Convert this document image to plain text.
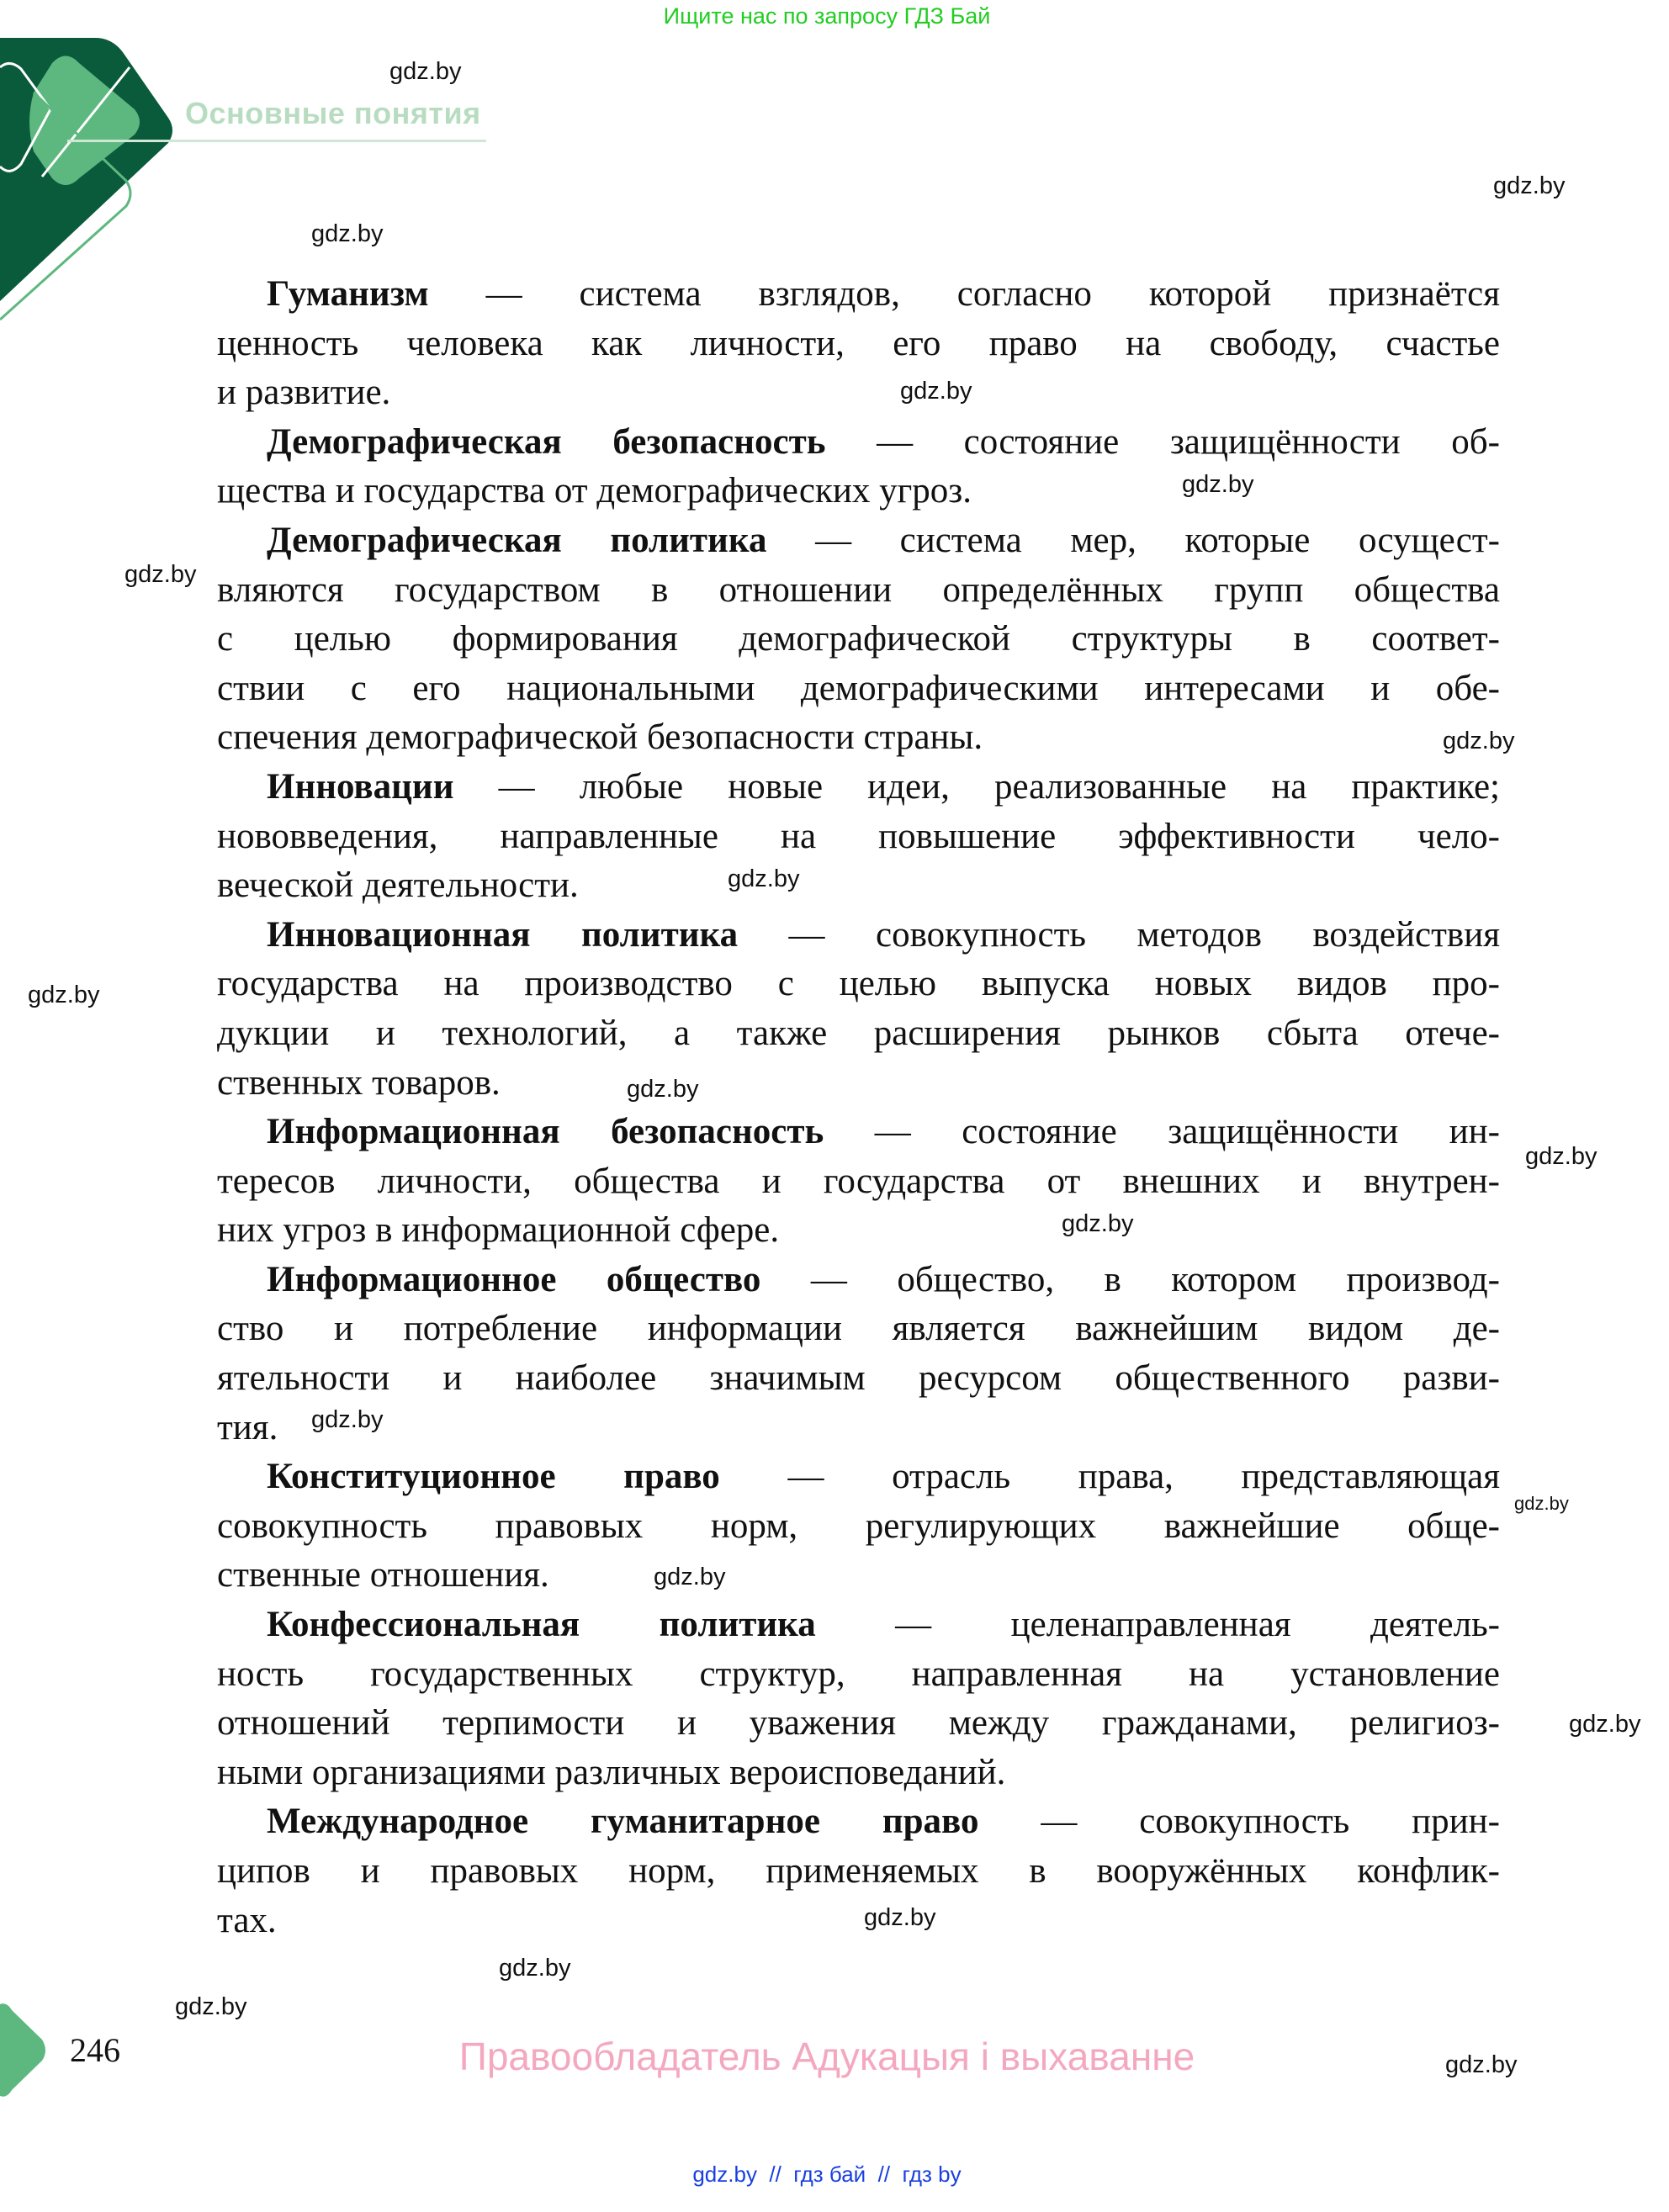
Ищите нас по запросу ГДЗ Бай
Основные понятия
Гуманизм — система взглядов, согласно которой признаётся
ценность человека как личности, его право на свободу, счастье
и развитие.
Демографическая безопасность — состояние защищённости об-
щества и государства от демографических угроз.
Демографическая политика — система мер, которые осущест-
вляются государством в отношении определённых групп общества
с целью формирования демографической структуры в соответ-
ствии с его национальными демографическими интересами и обе-
спечения демографической безопасности страны.
Инновации — любые новые идеи, реализованные на практике;
нововведения, направленные на повышение эффективности чело-
веческой деятельности.
Инновационная политика — совокупность методов воздействия
государства на производство с целью выпуска новых видов про-
дукции и технологий, а также расширения рынков сбыта отече-
ственных товаров.
Информационная безопасность — состояние защищённости ин-
тересов личности, общества и государства от внешних и внутрен-
них угроз в информационной сфере.
Информационное общество — общество, в котором производ-
ство и потребление информации является важнейшим видом де-
ятельности и наиболее значимым ресурсом общественного разви-
тия.
Конституционное право — отрасль права, представляющая
совокупность правовых норм, регулирующих важнейшие обще-
ственные отношения.
Конфессиональная политика — целенаправленная деятель-
ность государственных структур, направленная на установление
отношений терпимости и уважения между гражданами, религиоз-
ными организациями различных вероисповеданий.
Международное гуманитарное право — совокупность прин-
ципов и правовых норм, применяемых в вооружённых конфлик-
тах.
gdz.by
gdz.by
gdz.by
gdz.by
gdz.by
gdz.by
gdz.by
gdz.by
gdz.by
gdz.by
gdz.by
gdz.by
gdz.by
gdz.by
gdz.by
gdz.by
gdz.by
gdz.by
gdz.by
gdz.by
246	Правообладатель Адукацыя і выхаванне
gdz.by  //  гдз бай  //  гдз by
